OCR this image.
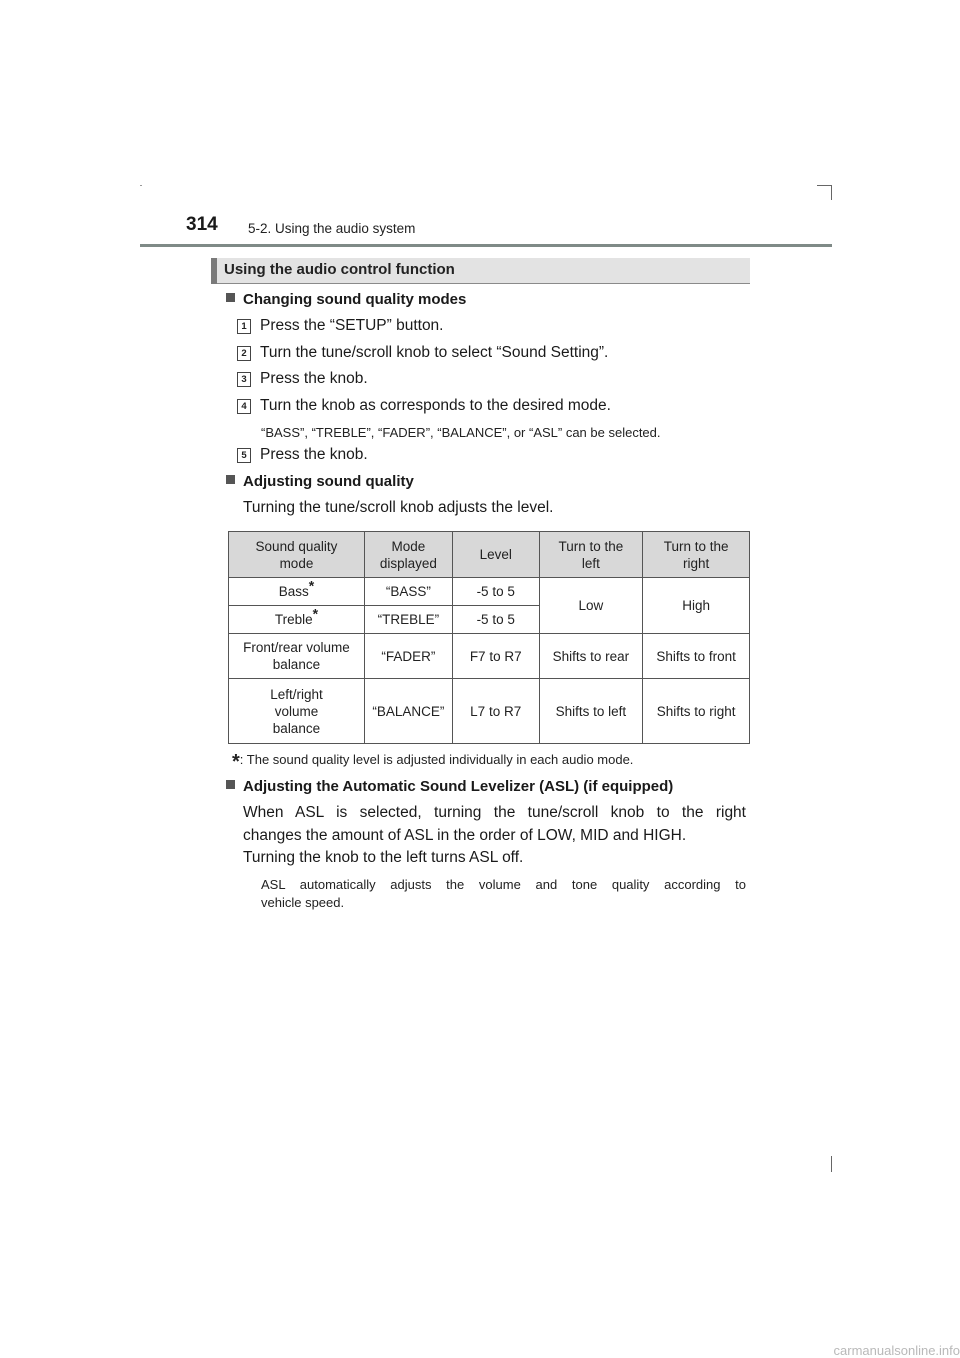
314 5-2. Using the audio system
Using the audio control function
Changing sound quality modes
1 Press the “SETUP” button.
2 Turn the tune/scroll knob to select “Sound Setting”.
3 Press the knob.
4 Turn the knob as corresponds to the desired mode.
“BASS”, “TREBLE”, “FADER”, “BALANCE”, or “ASL” can be selected.
5 Press the knob.
Adjusting sound quality
Turning the tune/scroll knob adjusts the level.
Sound quality mode	Mode displayed	Level	Turn to the left	Turn to the right
Bass*	“BASS”	-5 to 5	Low	High
Treble*	“TREBLE”	-5 to 5		
Front/rear volume balance	“FADER”	F7 to R7	Shifts to rear	Shifts to front
Left/right volume balance	“BALANCE”	L7 to R7	Shifts to left	Shifts to right
*: The sound quality level is adjusted individually in each audio mode.
Adjusting the Automatic Sound Levelizer (ASL) (if equipped)
When ASL is selected, turning the tune/scroll knob to the right
changes the amount of ASL in the order of LOW, MID and HIGH.
Turning the knob to the left turns ASL off.
ASL automatically adjusts the volume and tone quality according to
vehicle speed.
carmanualsonline.info
